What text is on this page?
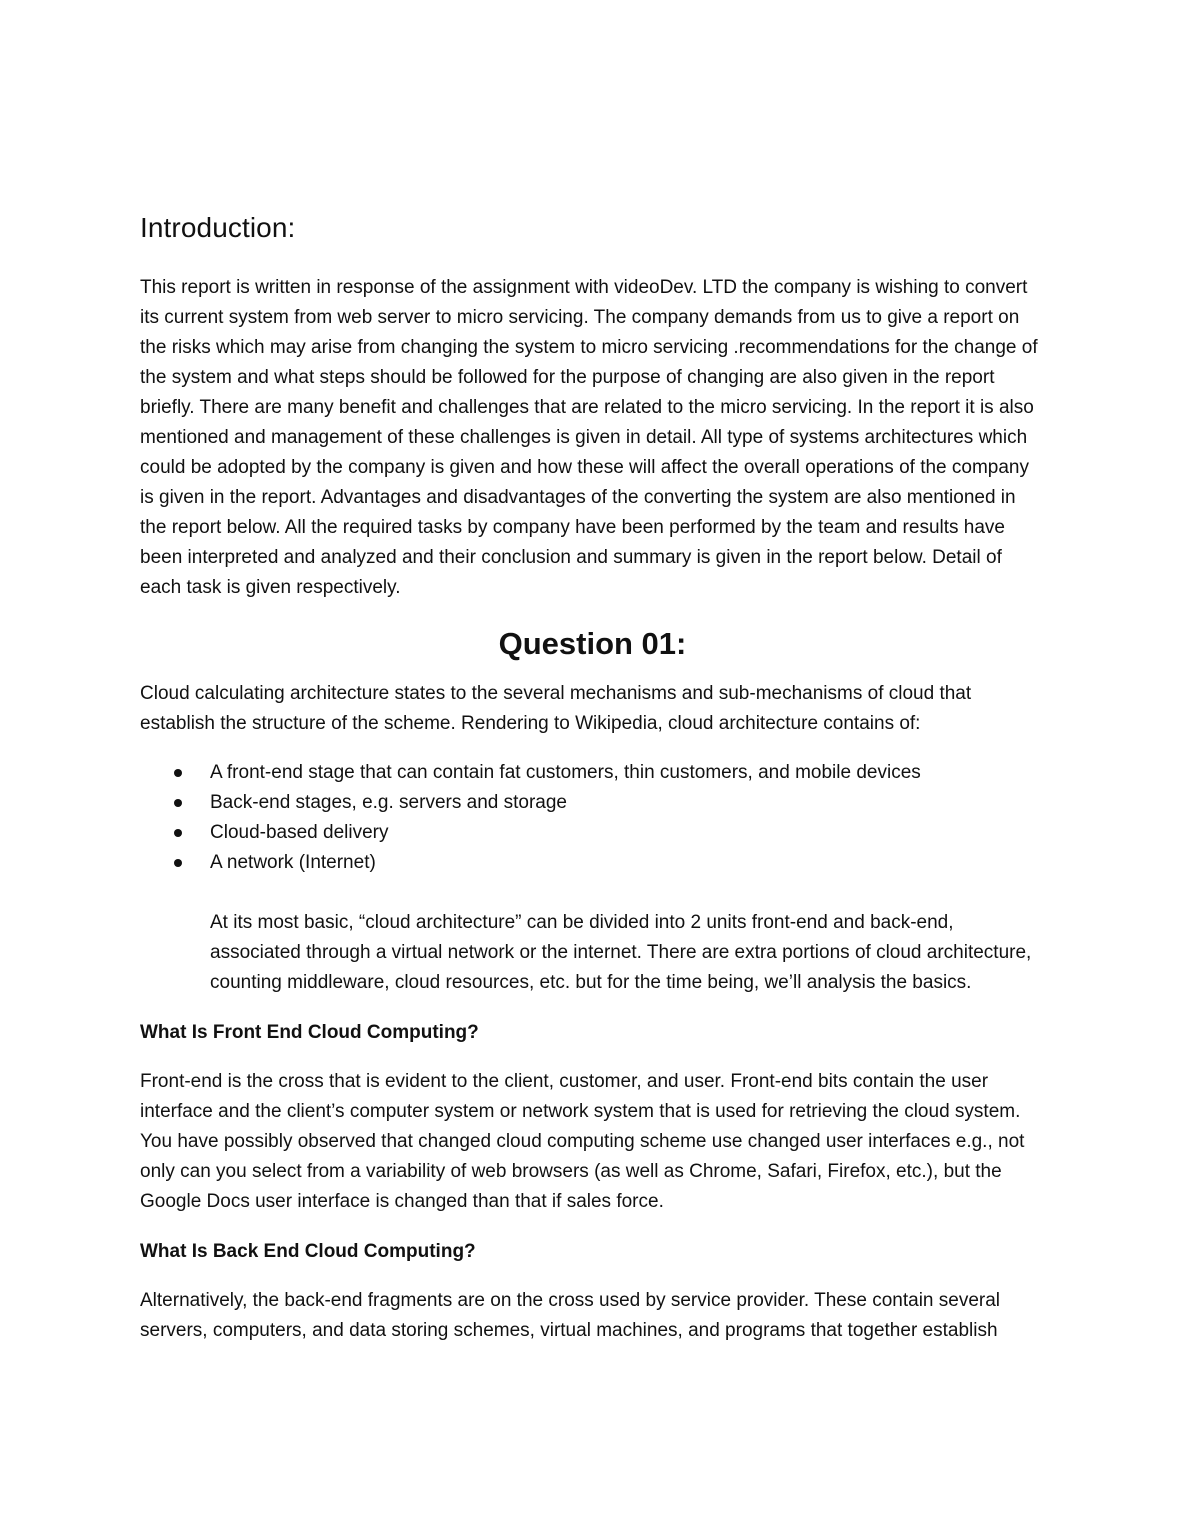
Introduction:

This report is written in response of the assignment with videoDev. LTD the company is wishing to convert its current system from web server to micro servicing. The company demands from us to give a report on the risks which may arise from changing the system to micro servicing .recommendations for the change of the system and what steps should be followed for the purpose of changing are also given in the report briefly. There are many benefit and challenges that are related to the micro servicing. In the report it is also mentioned and management of these challenges is given in detail. All type of systems architectures which could be adopted by the company is given and how these will affect the overall operations of the company is given in the report. Advantages and disadvantages of the converting the system are also mentioned in the report below. All the required tasks by company have been performed by the team and results have been interpreted and analyzed and their conclusion and summary is given in the report below. Detail of each task is given respectively.

Question 01:

Cloud calculating architecture states to the several mechanisms and sub-mechanisms of cloud that establish the structure of the scheme. Rendering to Wikipedia, cloud architecture contains of:

A front-end stage that can contain fat customers, thin customers, and mobile devices
Back-end stages, e.g. servers and storage
Cloud-based delivery
A network (Internet)

At its most basic, “cloud architecture” can be divided into 2 units front-end and back-end, associated through a virtual network or the internet. There are extra portions of cloud architecture, counting middleware, cloud resources, etc. but for the time being, we’ll analysis the basics.

What Is Front End Cloud Computing?

Front-end is the cross that is evident to the client, customer, and user. Front-end bits contain the user interface and the client’s computer system or network system that is used for retrieving the cloud system. You have possibly observed that changed cloud computing scheme use changed user interfaces e.g., not only can you select from a variability of web browsers (as well as Chrome, Safari, Firefox, etc.), but the Google Docs user interface is changed than that if sales force.

What Is Back End Cloud Computing?

Alternatively, the back-end fragments are on the cross used by service provider. These contain several servers, computers, and data storing schemes, virtual machines, and programs that together establish
